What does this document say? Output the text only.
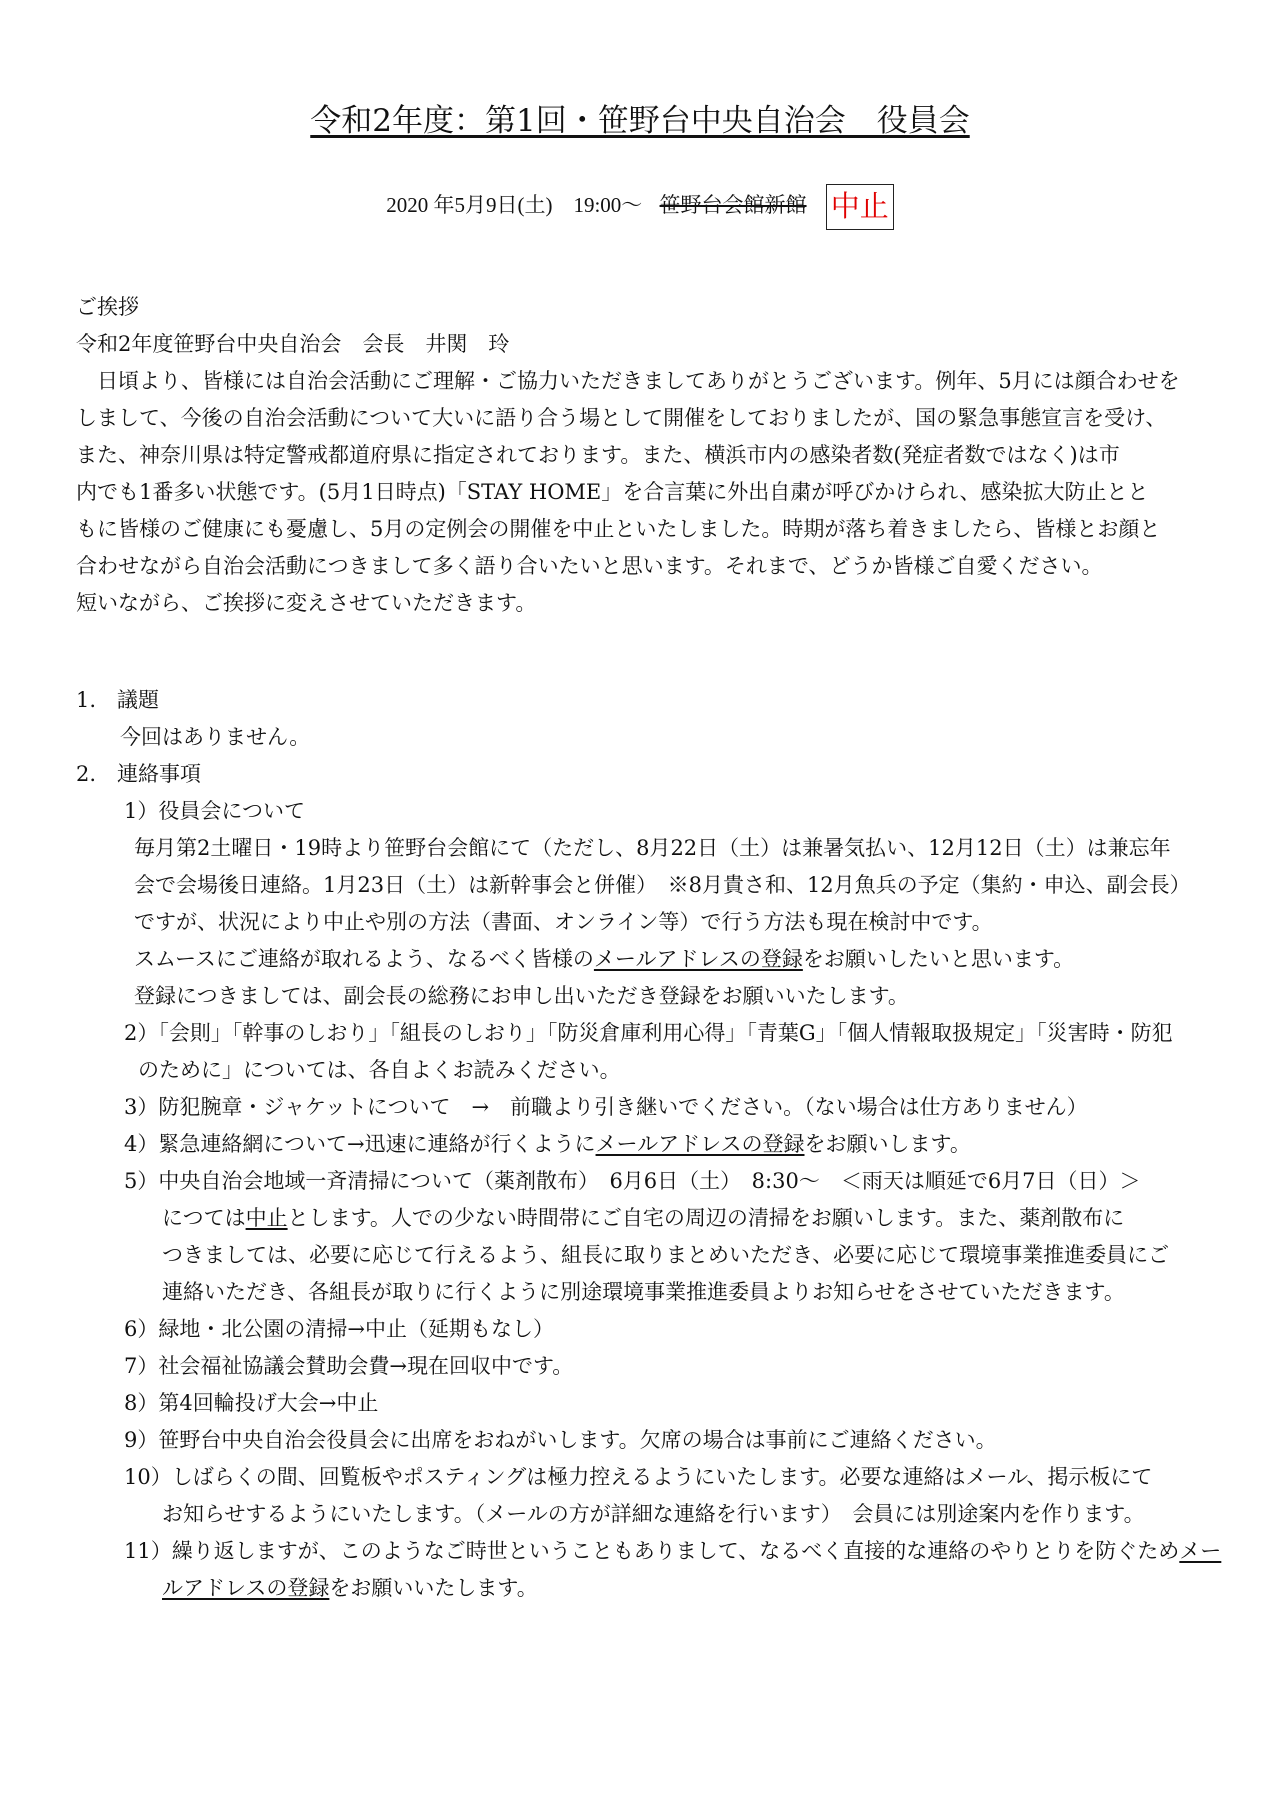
令和2年度：第1回・笹野台中央自治会　役員会
2020 年5月9日(土)　19:00～ 笹野台会館新館 中止
ご挨拶
令和2年度笹野台中央自治会　会長　井関　玲
　日頃より、皆様には自治会活動にご理解・ご協力いただきましてありがとうございます。例年、5月には顔合わせを
しまして、今後の自治会活動について大いに語り合う場として開催をしておりましたが、国の緊急事態宣言を受け、
また、神奈川県は特定警戒都道府県に指定されております。また、横浜市内の感染者数(発症者数ではなく)は市
内でも1番多い状態です。(5月1日時点)「STAY HOME」を合言葉に外出自粛が呼びかけられ、感染拡大防止とと
もに皆様のご健康にも憂慮し、5月の定例会の開催を中止といたしました。時期が落ち着きましたら、皆様とお顔と
合わせながら自治会活動につきまして多く語り合いたいと思います。それまで、どうか皆様ご自愛ください。
短いながら、ご挨拶に変えさせていただきます。
1.　議題
今回はありません。
2.　連絡事項
1）役員会について
毎月第2土曜日・19時より笹野台会館にて（ただし、8月22日（土）は兼暑気払い、12月12日（土）は兼忘年
会で会場後日連絡。1月23日（土）は新幹事会と併催）　※8月貴さ和、12月魚兵の予定（集約・申込、副会長）
ですが、状況により中止や別の方法（書面、オンライン等）で行う方法も現在検討中です。
スムースにご連絡が取れるよう、なるべく皆様のメールアドレスの登録をお願いしたいと思います。
登録につきましては、副会長の総務にお申し出いただき登録をお願いいたします。
2）「会則」「幹事のしおり」「組長のしおり」「防災倉庫利用心得」「青葉G」「個人情報取扱規定」「災害時・防犯
のために」については、各自よくお読みください。
3）防犯腕章・ジャケットについて　→　前職より引き継いでください。（ない場合は仕方ありません）
4）緊急連絡網について→迅速に連絡が行くようにメールアドレスの登録をお願いします。
5）中央自治会地域一斉清掃について（薬剤散布）　6月6日（土）　8:30～　＜雨天は順延で6月7日（日）＞
につては中止とします。人での少ない時間帯にご自宅の周辺の清掃をお願いします。また、薬剤散布に
つきましては、必要に応じて行えるよう、組長に取りまとめいただき、必要に応じて環境事業推進委員にご
連絡いただき、各組長が取りに行くように別途環境事業推進委員よりお知らせをさせていただきます。
6）緑地・北公園の清掃→中止（延期もなし）
7）社会福祉協議会賛助会費→現在回収中です。
8）第4回輪投げ大会→中止
9）笹野台中央自治会役員会に出席をおねがいします。欠席の場合は事前にご連絡ください。
10）しばらくの間、回覧板やポスティングは極力控えるようにいたします。必要な連絡はメール、掲示板にて
お知らせするようにいたします。（メールの方が詳細な連絡を行います）　会員には別途案内を作ります。
11）繰り返しますが、このようなご時世ということもありまして、なるべく直接的な連絡のやりとりを防ぐためメー
ルアドレスの登録をお願いいたします。
